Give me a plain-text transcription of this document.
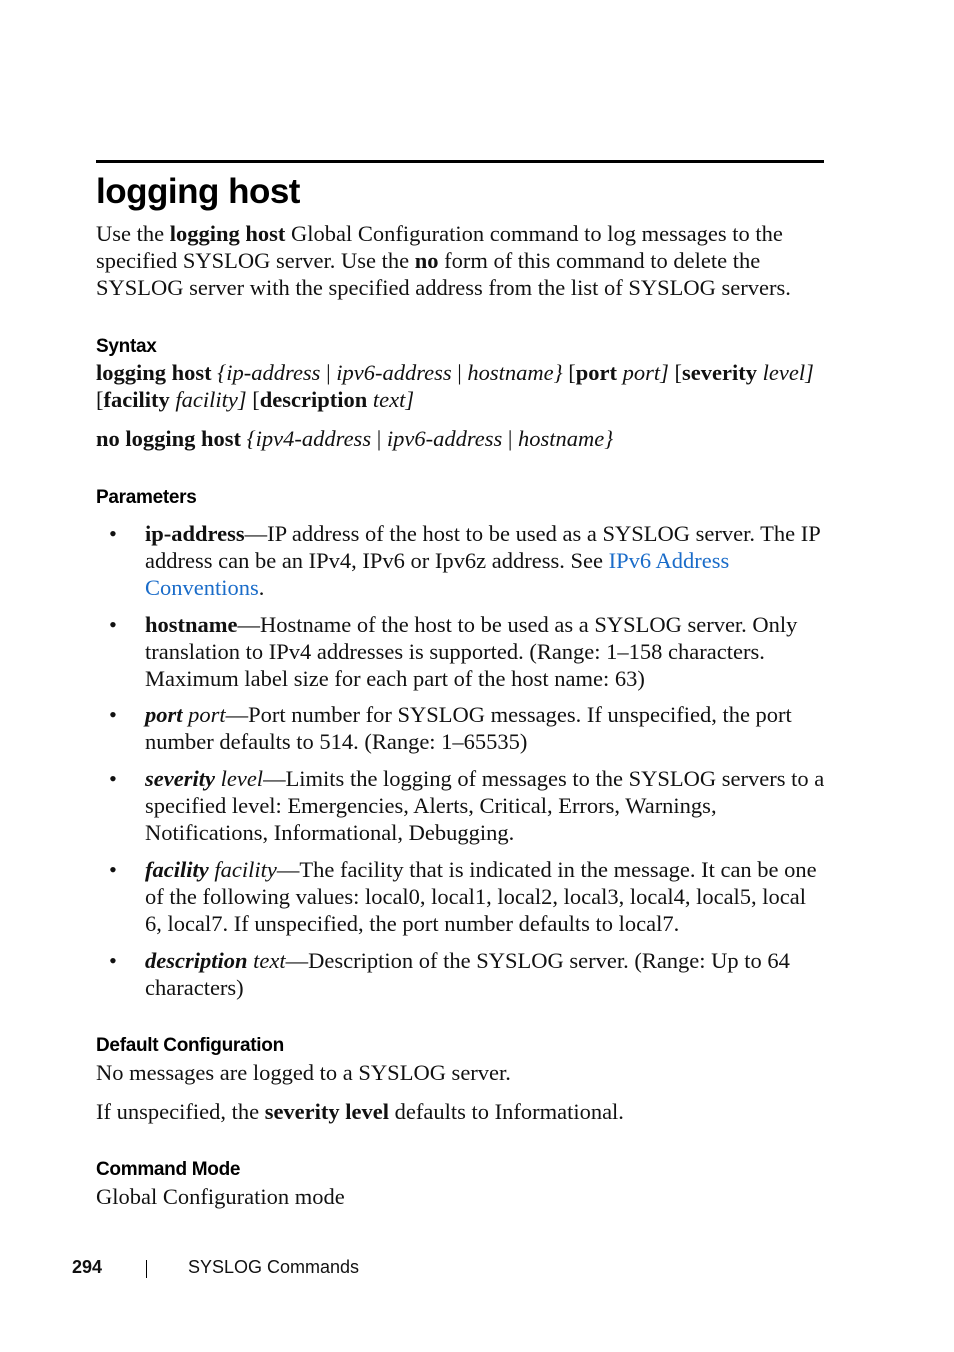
logging host

Use the logging host Global Configuration command to log messages to the specified SYSLOG server. Use the no form of this command to delete the SYSLOG server with the specified address from the list of SYSLOG servers.

Syntax

logging host {ip-address | ipv6-address | hostname} [port port] [severity level] [facility facility] [description text]

no logging host {ipv4-address | ipv6-address | hostname}

Parameters
• ip-address—IP address of the host to be used as a SYSLOG server. The IP address can be an IPv4, IPv6 or Ipv6z address. See IPv6 Address Conventions.

• hostname—Hostname of the host to be used as a SYSLOG server. Only translation to IPv4 addresses is supported. (Range: 1–158 characters. Maximum label size for each part of the host name: 63)

• port port—Port number for SYSLOG messages. If unspecified, the port number defaults to 514. (Range: 1–65535)

• severity level—Limits the logging of messages to the SYSLOG servers to a specified level: Emergencies, Alerts, Critical, Errors, Warnings, Notifications, Informational, Debugging.

• facility facility—The facility that is indicated in the message. It can be one of the following values: local0, local1, local2, local3, local4, local5, local 6, local7. If unspecified, the port number defaults to local7.

• description text—Description of the SYSLOG server. (Range: Up to 64 characters)

Default Configuration

No messages are logged to a SYSLOG server.

If unspecified, the severity level defaults to Informational.

Command Mode

Global Configuration mode

294	SYSLOG Commands
